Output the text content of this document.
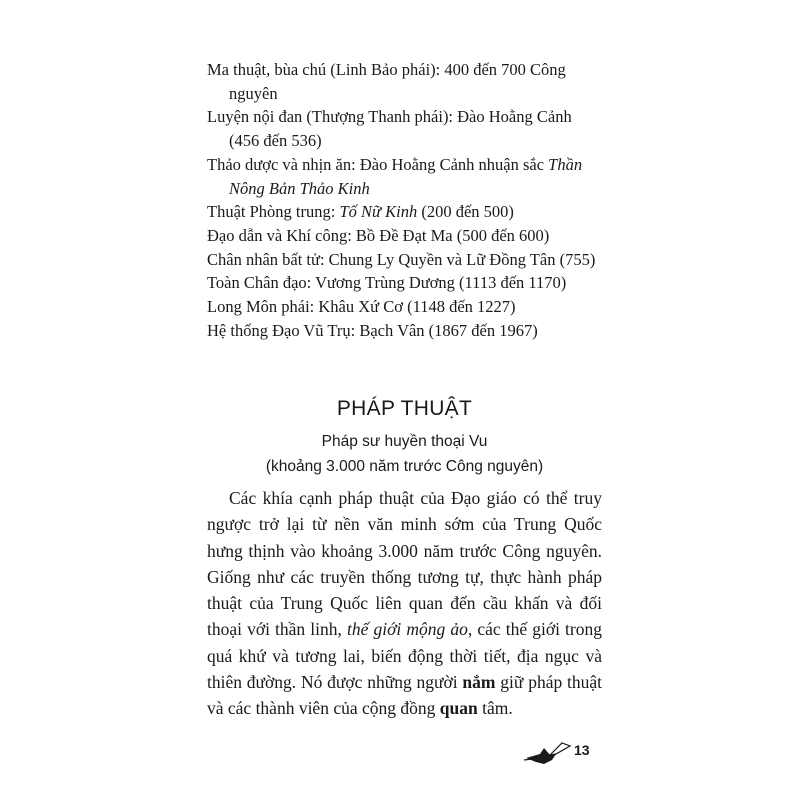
Ma thuật, bùa chú (Linh Bảo phái): 400 đến 700 Công nguyên
Luyện nội đan (Thượng Thanh phái): Đào Hoằng Cảnh (456 đến 536)
Thảo dược và nhịn ăn: Đào Hoằng Cảnh nhuận sắc Thần Nông Bản Thảo Kinh
Thuật Phòng trung: Tố Nữ Kinh (200 đến 500)
Đạo dẫn và Khí công: Bồ Đề Đạt Ma (500 đến 600)
Chân nhân bất tử: Chung Ly Quyền và Lữ Đồng Tân (755)
Toàn Chân đạo: Vương Trùng Dương (1113 đến 1170)
Long Môn phái: Khâu Xứ Cơ (1148 đến 1227)
Hệ thống Đạo Vũ Trụ: Bạch Vân (1867 đến 1967)
PHÁP THUẬT
Pháp sư huyền thoại Vu
(khoảng 3.000 năm trước Công nguyên)
Các khía cạnh pháp thuật của Đạo giáo có thể truy ngược trở lại từ nền văn minh sớm của Trung Quốc hưng thịnh vào khoảng 3.000 năm trước Công nguyên. Giống như các truyền thống tương tự, thực hành pháp thuật của Trung Quốc liên quan đến cầu khấn và đối thoại với thần linh, thế giới mộng ảo, các thế giới trong quá khứ và tương lai, biến động thời tiết, địa ngục và thiên đường. Nó được những người nắm giữ pháp thuật và các thành viên của cộng đồng quan tâm.
13
